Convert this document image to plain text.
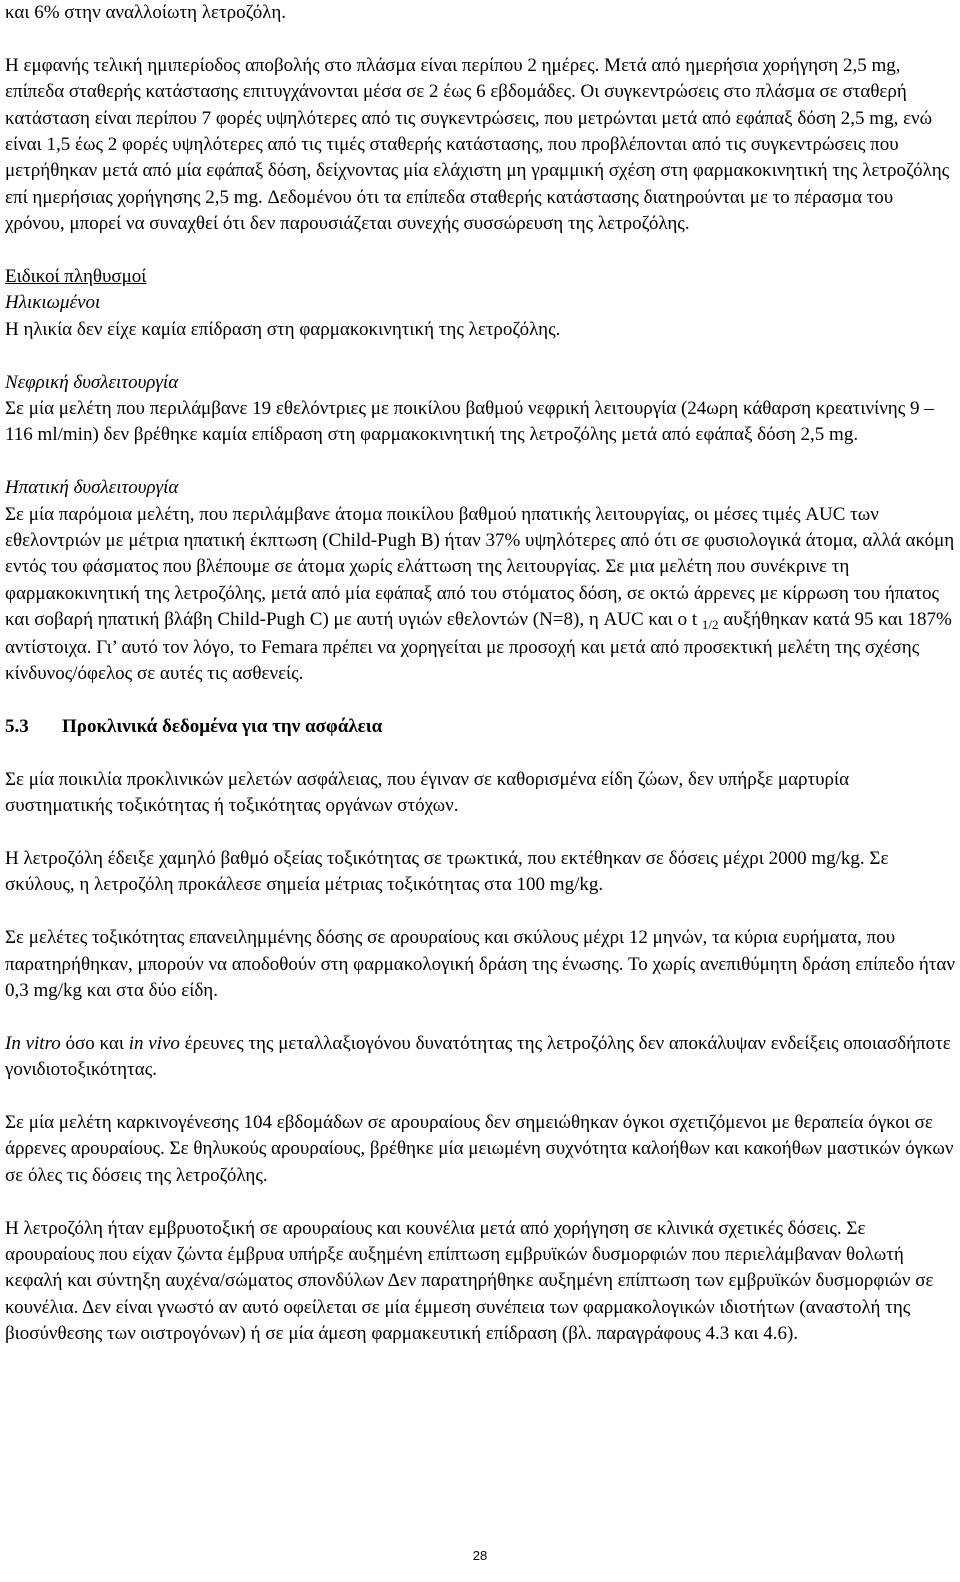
και 6% στην αναλλοίωτη λετροζόλη.

Η εμφανής τελική ημιπερίοδος αποβολής στο πλάσμα είναι περίπου 2 ημέρες. Μετά από ημερήσια χορήγηση 2,5 mg, επίπεδα σταθερής κατάστασης επιτυγχάνονται μέσα σε 2 έως 6 εβδομάδες. Οι συγκεντρώσεις στο πλάσμα σε σταθερή κατάσταση είναι περίπου 7 φορές υψηλότερες από τις συγκεντρώσεις, που μετρώνται μετά από εφάπαξ δόση 2,5 mg, ενώ είναι 1,5 έως 2 φορές υψηλότερες από τις τιμές σταθερής κατάστασης, που προβλέπονται από τις συγκεντρώσεις που μετρήθηκαν μετά από μία εφάπαξ δόση, δείχνοντας μία ελάχιστη μη γραμμική σχέση στη φαρμακοκινητική της λετροζόλης επί ημερήσιας χορήγησης 2,5 mg. Δεδομένου ότι τα επίπεδα σταθερής κατάστασης διατηρούνται με το πέρασμα του χρόνου, μπορεί να συναχθεί ότι δεν παρουσιάζεται συνεχής συσσώρευση της λετροζόλης.

Ειδικοί πληθυσμοί

Ηλικιωμένοι

Η ηλικία δεν είχε καμία επίδραση στη φαρμακοκινητική της λετροζόλης.

Νεφρική δυσλειτουργία

Σε μία μελέτη που περιλάμβανε 19 εθελόντριες με ποικίλου βαθμού νεφρική λειτουργία (24ωρη κάθαρση κρεατινίνης 9 – 116 ml/min) δεν βρέθηκε καμία επίδραση στη φαρμακοκινητική της λετροζόλης μετά από εφάπαξ δόση 2,5 mg.

Ηπατική δυσλειτουργία

Σε μία παρόμοια μελέτη, που περιλάμβανε άτομα ποικίλου βαθμού ηπατικής λειτουργίας, οι μέσες τιμές AUC των εθελοντριών με μέτρια ηπατική έκπτωση (Child-Pugh B) ήταν 37% υψηλότερες από ότι σε φυσιολογικά άτομα, αλλά ακόμη εντός του φάσματος που βλέπουμε σε άτομα χωρίς ελάττωση της λειτουργίας. Σε μια μελέτη που συνέκρινε τη φαρμακοκινητική της λετροζόλης, μετά από μία εφάπαξ από του στόματος δόση, σε οκτώ άρρενες με κίρρωση του ήπατος και σοβαρή ηπατική βλάβη Child-Pugh C) με αυτή υγιών εθελοντών (N=8), η AUC και ο t $_{1/2}$ αυξήθηκαν κατά 95 και 187% αντίστοιχα. Γι’ αυτό τον λόγο, το Femara πρέπει να χορηγείται με προσοχή και μετά από προσεκτική μελέτη της σχέσης κίνδυνος/όφελος σε αυτές τις ασθενείς.

5.3 Προκλινικά δεδομένα για την ασφάλεια

Σε μία ποικιλία προκλινικών μελετών ασφάλειας, που έγιναν σε καθορισμένα είδη ζώων, δεν υπήρξε μαρτυρία συστηματικής τοξικότητας ή τοξικότητας οργάνων στόχων.

Η λετροζόλη έδειξε χαμηλό βαθμό οξείας τοξικότητας σε τρωκτικά, που εκτέθηκαν σε δόσεις μέχρι 2000 mg/kg. Σε σκύλους, η λετροζόλη προκάλεσε σημεία μέτριας τοξικότητας στα 100 mg/kg.

Σε μελέτες τοξικότητας επανειλημμένης δόσης σε αρουραίους και σκύλους μέχρι 12 μηνών, τα κύρια ευρήματα, που παρατηρήθηκαν, μπορούν να αποδοθούν στη φαρμακολογική δράση της ένωσης. Το χωρίς ανεπιθύμητη δράση επίπεδο ήταν 0,3 mg/kg και στα δύο είδη.

In vitro όσο και in vivo έρευνες της μεταλλαξιογόνου δυνατότητας της λετροζόλης δεν αποκάλυψαν ενδείξεις οποιασδήποτε γονιδιοτοξικότητας.

Σε μία μελέτη καρκινογένεσης 104 εβδομάδων σε αρουραίους δεν σημειώθηκαν όγκοι σχετιζόμενοι με θεραπεία όγκοι σε άρρενες αρουραίους. Σε θηλυκούς αρουραίους, βρέθηκε μία μειωμένη συχνότητα καλοήθων και κακοήθων μαστικών όγκων σε όλες τις δόσεις της λετροζόλης.

Η λετροζόλη ήταν εμβρυοτοξική σε αρουραίους και κουνέλια μετά από χορήγηση σε κλινικά σχετικές δόσεις. Σε αρουραίους που είχαν ζώντα έμβρυα υπήρξε αυξημένη επίπτωση εμβρυϊκών δυσμορφιών που περιελάμβαναν θολωτή κεφαλή και σύντηξη αυχένα/σώματος σπονδύλων Δεν παρατηρήθηκε αυξημένη επίπτωση των εμβρυϊκών δυσμορφιών σε κουνέλια. Δεν είναι γνωστό αν αυτό οφείλεται σε μία έμμεση συνέπεια των φαρμακολογικών ιδιοτήτων (αναστολή της βιοσύνθεσης των οιστρογόνων) ή σε μία άμεση φαρμακευτική επίδραση (βλ. παραγράφους 4.3 και 4.6).

28
